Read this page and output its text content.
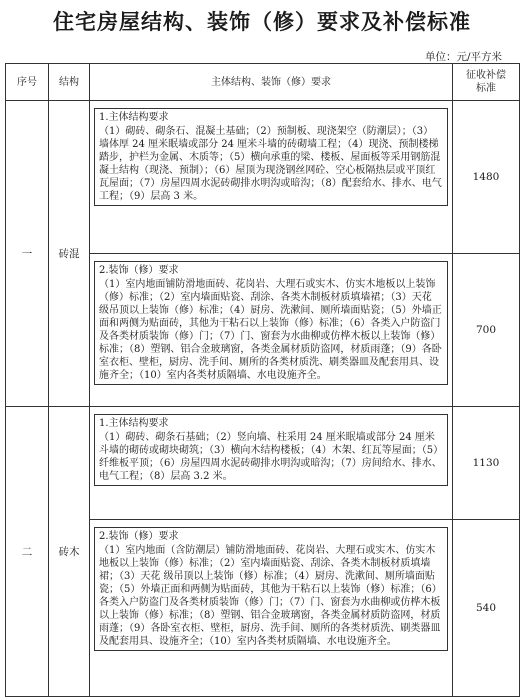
住宅房屋结构、装饰（修）要求及补偿标准
单位：元/平方米
序号	结构	主体结构、装饰（修）要求	征收补偿标准
一	砖混	1.主体结构要求

（1）砌砖、砌条石、混凝土基础；（2）预制板、现浇架空（防潮层）；（3）墙体厚 24 厘米眠墙或部分 24 厘米斗墙的砖砌墙工程；（4）现浇、预制楼梯踏步，护栏为金属、木质等；（5）横向承重的梁、楼板、屋面板等采用钢筋混凝土结构（现浇、预制）；（6）屋顶为现浇钢丝网砼、空心板隔热层或平顶红瓦屋面；（7）房屋四周水泥砖砌排水明沟或暗沟；（8）配套给水、排水、电气工程；（9）层高 3 米。	1480

		2.装饰（修）要求

（1）室内地面铺防滑地面砖、花岗岩、大理石或实木、仿实木地板以上装饰（修）标准；（2）室内墙面贴瓷、刮涂、各类木制板材质填墙裙；（3）天花 级吊顶以上装饰（修）标准；（4）厨房、洗漱间、厕所墙面贴瓷；（5）外墙正面和两侧为贴面砖，其他为干粘石以上装饰（修）标准；（6）各类入户防盗门及各类材质装饰（修）门；（7）门、窗套为水曲柳或仿桦木板以上装饰（修）标准；（8）塑钢、铝合金玻璃窗，各类金属材质防盗网，材质雨蓬；（9）各卧室衣柜、壁柜，厨房、洗手间、厕所的各类材质洗、刷类器皿及配套用具、设施齐全；（10）室内各类材质隔墙、水电设施齐全。	700
二	砖木	1.主体结构要求

（1）砌砖、砌条石基础；（2）竖向墙、柱采用 24 厘米眠墙或部分 24 厘米斗墙的砌砖或砌块砌筑；（3）横向木结构楼板；（4）木架、红瓦等屋面；（5）纤维板平顶；（6）房屋四周水泥砖砌排水明沟或暗沟；（7）房间给水、排水、电气工程；（8）层高 3.2 米。	1130

		2.装饰（修）要求

（1）室内地面（含防潮层）铺防滑地面砖、花岗岩、大理石或实木、仿实木地板以上装饰（修）标准；（2）室内墙面贴瓷、刮涂、各类木制板材质填墙裙；（3）天花 级吊顶以上装饰（修）标准；（4）厨房、洗漱间、厕所墙面贴瓷；（5）外墙正面和两侧为贴面砖，其他为干粘石以上装饰（修）标准；（6）各类入户防盗门及各类材质装饰（修）门；（7）门、窗套为水曲柳或仿桦木板以上装饰（修）标准；（8）塑钢、铝合金玻璃窗，各类金属材质防盗网，材质雨蓬；（9）各卧室衣柜、壁柜，厨房、洗手间、厕所的各类材质洗、刷类器皿及配套用具、设施齐全；（10）室内各类材质隔墙、水电设施齐全。	540
